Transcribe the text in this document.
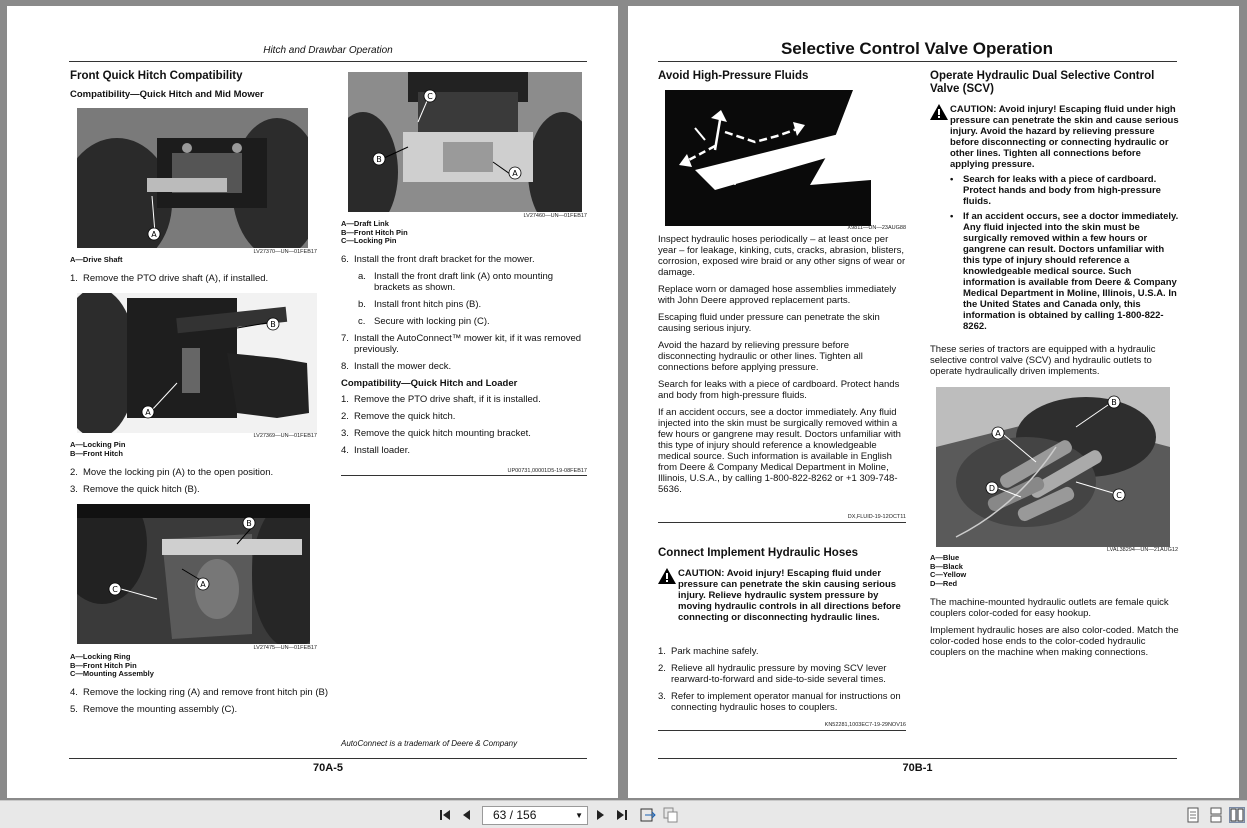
Hitch and Drawbar Operation
Front Quick Hitch Compatibility
Compatibility—Quick Hitch and Mid Mower
A
LV27370—UN—01FEB17
A—Drive Shaft
1. Remove the PTO drive shaft (A), if installed.
A
B
LV27369—UN—01FEB17
A—Locking Pin
B—Front Hitch
2. Move the locking pin (A) to the open position.
3. Remove the quick hitch (B).
A
B
C
LV27475—UN—01FEB17
A—Locking Ring
B—Front Hitch Pin
C—Mounting Assembly
4. Remove the locking ring (A) and remove front hitch pin (B)
5. Remove the mounting assembly (C).
C
B
A
LV27460—UN—01FEB17
A—Draft Link
B—Front Hitch Pin
C—Locking Pin
6. Install the front draft bracket for the mower.
a. Install the front draft link (A) onto mounting brackets as shown.
b. Install front hitch pins (B).
c. Secure with locking pin (C).
7. Install the AutoConnect™ mower kit, if it was removed previously.
8. Install the mower deck.
Compatibility—Quick Hitch and Loader
1. Remove the PTO drive shaft, if it is installed.
2. Remove the quick hitch.
3. Remove the quick hitch mounting bracket.
4. Install loader.
UP00731,00001D5-19-08FEB17
AutoConnect is a trademark of Deere & Company
70A-5
Selective Control Valve Operation
Avoid High-Pressure Fluids
X9811—UN—23AUG88
Inspect hydraulic hoses periodically – at least once per year – for leakage, kinking, cuts, cracks, abrasion, blisters, corrosion, exposed wire braid or any other signs of wear or damage.
Replace worn or damaged hose assemblies immediately with John Deere approved replacement parts.
Escaping fluid under pressure can penetrate the skin causing serious injury.
Avoid the hazard by relieving pressure before disconnecting hydraulic or other lines. Tighten all connections before applying pressure.
Search for leaks with a piece of cardboard. Protect hands and body from high-pressure fluids.
If an accident occurs, see a doctor immediately. Any fluid injected into the skin must be surgically removed within a few hours or gangrene may result. Doctors unfamiliar with this type of injury should reference a knowledgeable medical source. Such information is available in English from Deere & Company Medical Department in Moline, Illinois, U.S.A., by calling 1-800-822-8262 or +1 309-748-5636.
DX,FLUID-19-12OCT11
Connect Implement Hydraulic Hoses
CAUTION: Avoid injury! Escaping fluid under pressure can penetrate the skin causing serious injury. Relieve hydraulic system pressure by moving hydraulic controls in all directions before connecting or disconnecting hydraulic lines.
1. Park machine safely.
2. Relieve all hydraulic pressure by moving SCV lever rearward-to-forward and side-to-side several times.
3. Refer to implement operator manual for instructions on connecting hydraulic hoses to couplers.
KN52281,1003EC7-19-29NOV16
Operate Hydraulic Dual Selective Control Valve (SCV)
CAUTION: Avoid injury! Escaping fluid under high pressure can penetrate the skin and cause serious injury. Avoid the hazard by relieving pressure before disconnecting or connecting hydraulic or other lines. Tighten all connections before applying pressure.
•	Search for leaks with a piece of cardboard. Protect hands and body from high-pressure fluids.
•	If an accident occurs, see a doctor immediately. Any fluid injected into the skin must be surgically removed within a few hours or gangrene can result. Doctors unfamiliar with this type of injury should reference a knowledgeable medical source. Such information is available from Deere & Company Medical Department in Moline, Illinois, U.S.A. In the United States and Canada only, this information is obtained by calling 1-800-822-8262.
These series of tractors are equipped with a hydraulic selective control valve (SCV) and hydraulic outlets to operate hydraulically driven implements.
A
B
C
D
LVAL38294—UN—21AUG12
A—Blue
B—Black
C—Yellow
D—Red
The machine-mounted hydraulic outlets are female quick couplers color-coded for easy hookup.
Implement hydraulic hoses are also color-coded. Match the color-coded hose ends to the color-coded hydraulic couplers on the machine when making connections.
70B-1
63 / 156	▼
